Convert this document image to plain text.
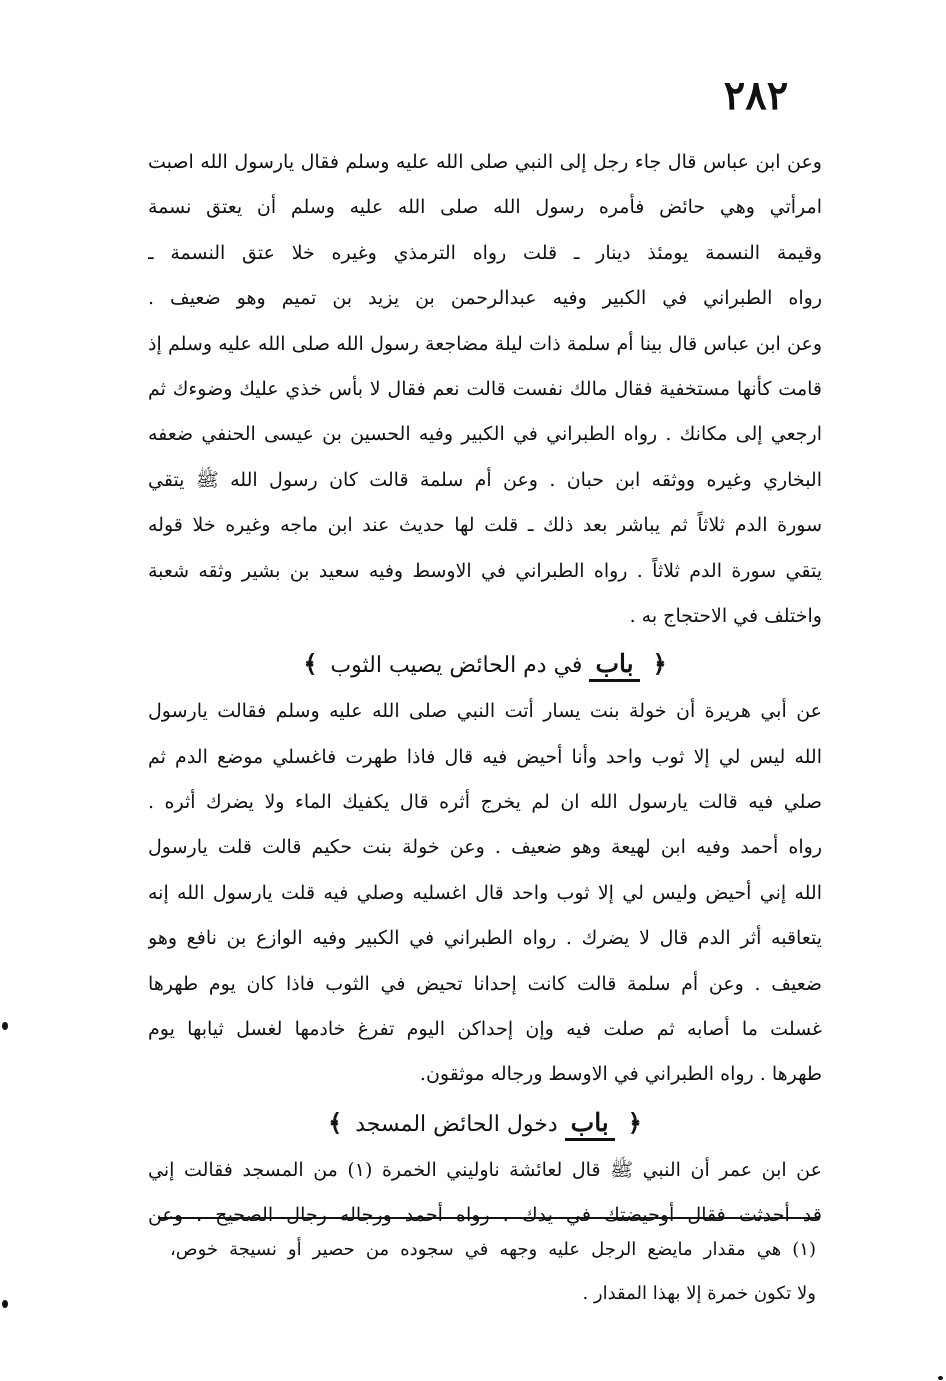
٢٨٢
وعن ابن عباس قال جاء رجل إلى النبي صلى الله عليه وسلم فقال يارسول الله اصبت
امرأتي وهي حائض فأمره رسول الله صلى الله عليه وسلم أن يعتق نسمة
وقيمة النسمة يومئذ دينار ـ قلت رواه الترمذي وغيره خلا عتق النسمة ـ
رواه الطبراني في الكبير وفيه عبدالرحمن بن يزيد بن تميم وهو ضعيف .
وعن ابن عباس قال بينا أم سلمة ذات ليلة مضاجعة رسول الله صلى الله عليه وسلم إذ
قامت كأنها مستخفية فقال مالك نفست قالت نعم فقال لا بأس خذي عليك وضوءك ثم
ارجعي إلى مكانك . رواه الطبراني في الكبير وفيه الحسين بن عيسى الحنفي ضعفه
البخاري وغيره ووثقه ابن حبان . وعن أم سلمة قالت كان رسول الله ﷺ يتقي
سورة الدم ثلاثاً ثم يباشر بعد ذلك ـ قلت لها حديث عند ابن ماجه وغيره خلا قوله
يتقي سورة الدم ثلاثاً . رواه الطبراني في الاوسط وفيه سعيد بن بشير وثقه شعبة
واختلف في الاحتجاج به .
﴿ باب في دم الحائض يصيب الثوب ﴾
عن أبي هريرة أن خولة بنت يسار أتت النبي صلى الله عليه وسلم فقالت يارسول
الله ليس لي إلا ثوب واحد وأنا أحيض فيه قال فاذا طهرت فاغسلي موضع الدم ثم
صلي فيه قالت يارسول الله ان لم يخرج أثره قال يكفيك الماء ولا يضرك أثره .
رواه أحمد وفيه ابن لهيعة وهو ضعيف . وعن خولة بنت حكيم قالت قلت يارسول
الله إني أحيض وليس لي إلا ثوب واحد قال اغسليه وصلي فيه قلت يارسول الله إنه
يتعاقبه أثر الدم قال لا يضرك . رواه الطبراني في الكبير وفيه الوازع بن نافع وهو
ضعيف . وعن أم سلمة قالت كانت إحدانا تحيض في الثوب فاذا كان يوم طهرها
غسلت ما أصابه ثم صلت فيه وإن إحداكن اليوم تفرغ خادمها لغسل ثيابها يوم
طهرها . رواه الطبراني في الاوسط ورجاله موثقون.
﴿ باب دخول الحائض المسجد ﴾
عن ابن عمر أن النبي ﷺ قال لعائشة ناوليني الخمرة (١) من المسجد فقالت إني
قد أحدثت فقال أوحيضتك في يدك . رواه أحمد ورجاله رجال الصحيح . وعن
(١) هي مقدار مايضع الرجل عليه وجهه في سجوده من حصير أو نسيجة خوص،
ولا تكون خمرة إلا بهذا المقدار .
